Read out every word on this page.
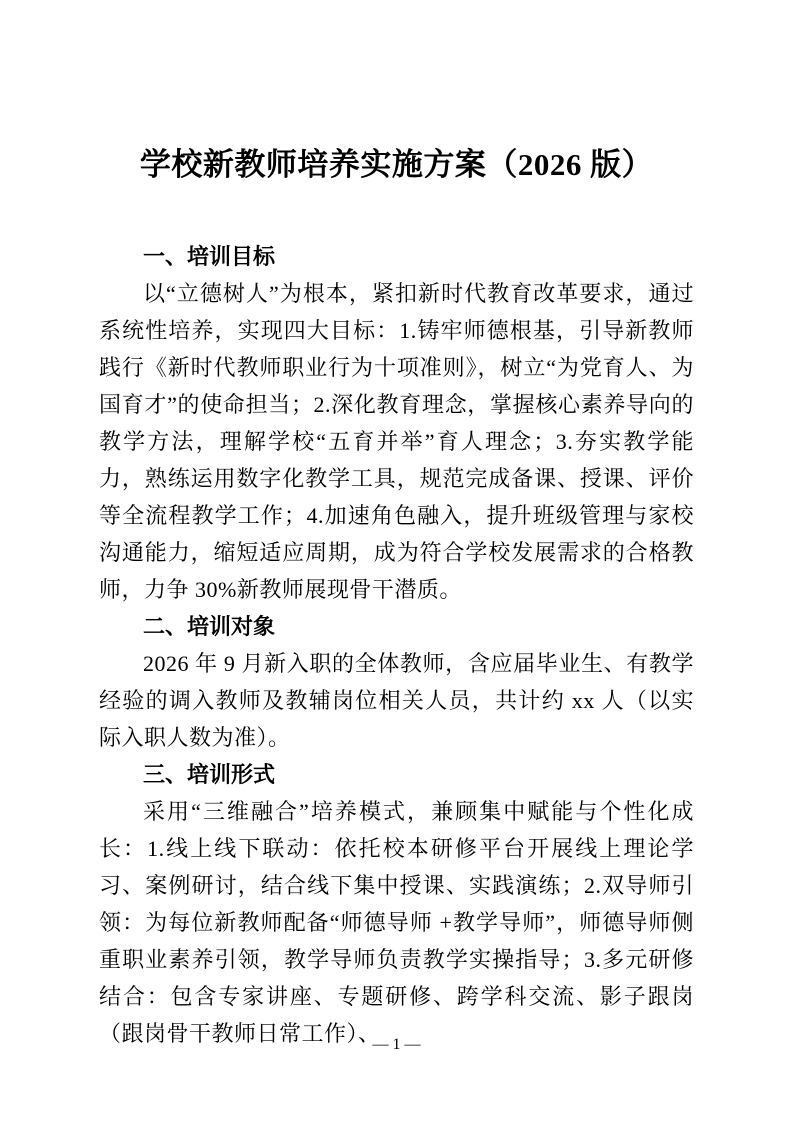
学校新教师培养实施方案（2026 版）
一、培训目标

以“立德树人”为根本，紧扣新时代教育改革要求，通过系统性培养，实现四大目标：1.铸牢师德根基，引导新教师践行《新时代教师职业行为十项准则》，树立“为党育人、为国育才”的使命担当；2.深化教育理念，掌握核心素养导向的教学方法，理解学校“五育并举”育人理念；3.夯实教学能力，熟练运用数字化教学工具，规范完成备课、授课、评价等全流程教学工作；4.加速角色融入，提升班级管理与家校沟通能力，缩短适应周期，成为符合学校发展需求的合格教师，力争 30%新教师展现骨干潜质。

二、培训对象

2026 年 9 月新入职的全体教师，含应届毕业生、有教学经验的调入教师及教辅岗位相关人员，共计约 xx 人（以实际入职人数为准）。

三、培训形式

采用“三维融合”培养模式，兼顾集中赋能与个性化成长：1.线上线下联动：依托校本研修平台开展线上理论学习、案例研讨，结合线下集中授课、实践演练；2.双导师引领：为每位新教师配备“师德导师 +教学导师”，师德导师侧重职业素养引领，教学导师负责教学实操指导；3.多元研修结合：包含专家讲座、专题研修、跨学科交流、影子跟岗（跟岗骨干教师日常工作）、

— 1 —
